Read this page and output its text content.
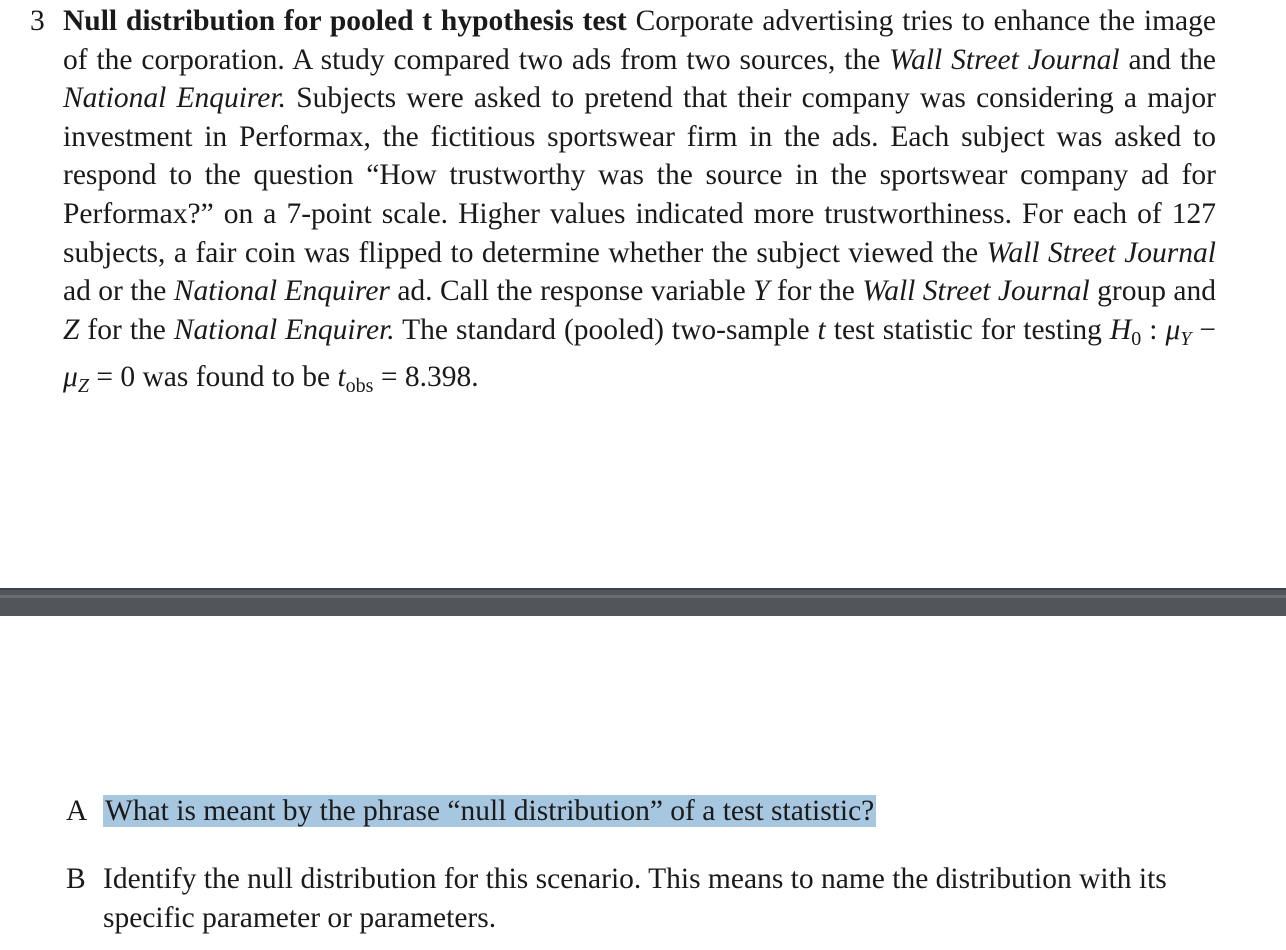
3 Null distribution for pooled t hypothesis test Corporate advertising tries to enhance the image of the corporation. A study compared two ads from two sources, the Wall Street Journal and the National Enquirer. Subjects were asked to pretend that their company was considering a major investment in Performax, the fictitious sportswear firm in the ads. Each subject was asked to respond to the question “How trustworthy was the source in the sportswear company ad for Performax?” on a 7-point scale. Higher values indicated more trustworthiness. For each of 127 subjects, a fair coin was flipped to determine whether the subject viewed the Wall Street Journal ad or the National Enquirer ad. Call the response variable Y for the Wall Street Journal group and Z for the National Enquirer. The standard (pooled) two-sample t test statistic for testing $H_0$ : $\mu_Y - \mu_Z = 0$ was found to be $t_{obs} = 8.398$.
A What is meant by the phrase “null distribution” of a test statistic?
B Identify the null distribution for this scenario. This means to name the distribution with its specific parameter or parameters.
